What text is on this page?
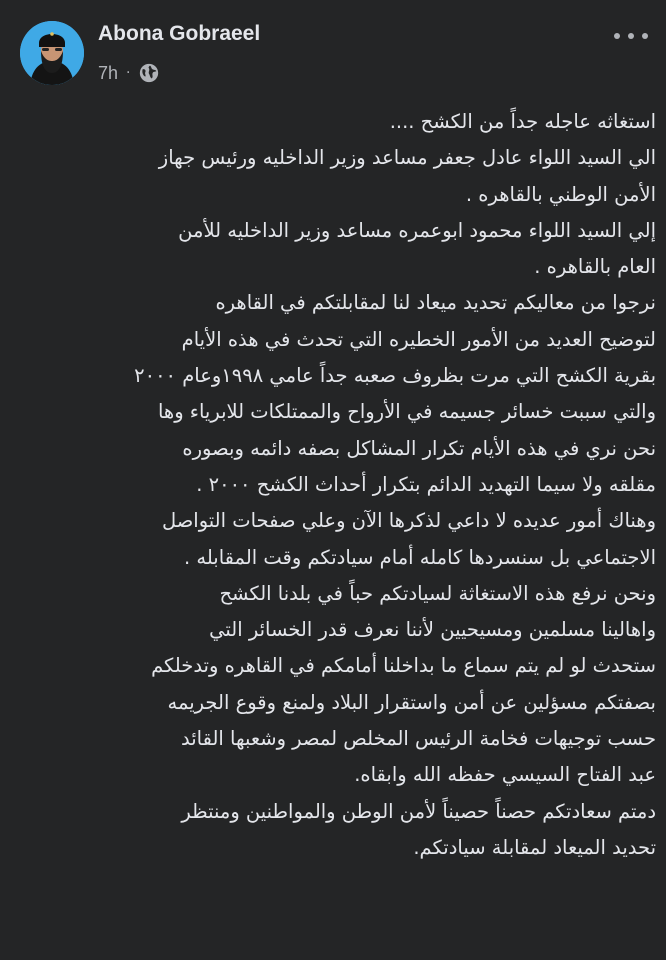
Abona Gobraeel
7h ·
استغاثه عاجله جداً من الكشح ....
الي السيد اللواء عادل جعفر مساعد وزير الداخليه ورئيس جهاز
الأمن الوطني بالقاهره .
إلي السيد اللواء محمود ابوعمره مساعد وزير الداخليه للأمن
العام بالقاهره .
نرجوا من معاليكم تحديد ميعاد لنا لمقابلتكم في القاهره
لتوضيح العديد من الأمور الخطيره التي تحدث في هذه الأيام
بقرية الكشح التي مرت بظروف صعبه جداً عامي ١٩٩٨وعام ٢٠٠٠
والتي سببت خسائر جسيمه في الأرواح والممتلكات للابرياء وها
نحن نري في هذه الأيام تكرار المشاكل بصفه دائمه وبصوره
مقلقه ولا سيما التهديد الدائم بتكرار أحداث الكشح ٢٠٠٠ .
وهناك أمور عديده لا داعي لذكرها الآن وعلي صفحات التواصل
الاجتماعي بل سنسردها كامله أمام سيادتكم وقت المقابله .
ونحن نرفع هذه الاستغاثة لسيادتكم حباً في بلدنا الكشح
واهالينا مسلمين ومسيحيين لأننا نعرف قدر الخسائر التي
ستحدث لو لم يتم سماع ما بداخلنا أمامكم في القاهره وتدخلكم
بصفتكم مسؤلين عن أمن واستقرار البلاد ولمنع وقوع الجريمه
حسب توجيهات فخامة الرئيس المخلص لمصر وشعبها القائد
عبد الفتاح السيسي حفظه الله وابقاه.
دمتم سعادتكم حصناً حصيناً لأمن الوطن والمواطنين ومنتظر
تحديد الميعاد لمقابلة سيادتكم.
